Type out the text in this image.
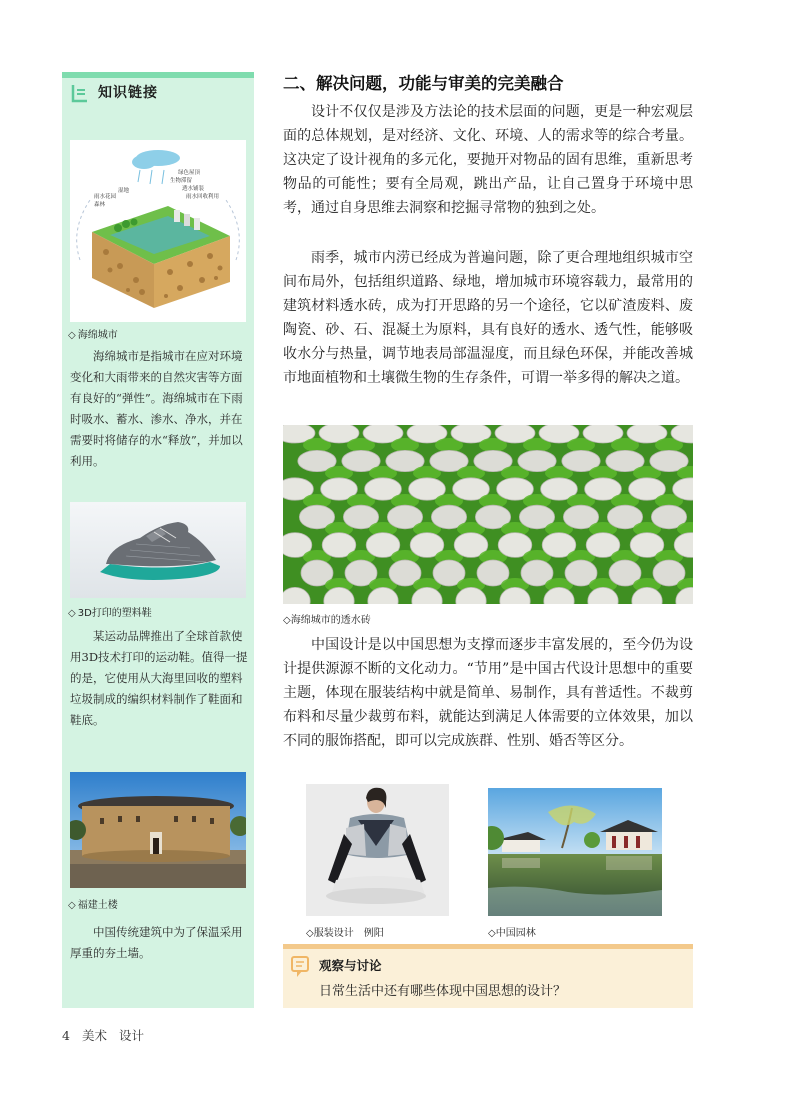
知识链接
生物滞留
绿色屋顶
雨水花园
透水铺装
森林
湿地
雨水回收利用
◇ 海绵城市

海绵城市是指城市在应对环境变化和大雨带来的自然灾害等方面有良好的“弹性”。海绵城市在下雨时吸水、蓄水、渗水、净水，并在需要时将储存的水“释放”，并加以利用。

◇ 3D打印的塑料鞋

某运动品牌推出了全球首款使用3D技术打印的运动鞋。值得一提的是，它使用从大海里回收的塑料垃圾制成的编织材料制作了鞋面和鞋底。

◇ 福建土楼

中国传统建筑中为了保温采用厚重的夯土墙。

二、解决问题，功能与审美的完美融合

设计不仅仅是涉及方法论的技术层面的问题，更是一种宏观层面的总体规划，是对经济、文化、环境、人的需求等的综合考量。这决定了设计视角的多元化，要抛开对物品的固有思维，重新思考物品的可能性；要有全局观，跳出产品，让自己置身于环境中思考，通过自身思维去洞察和挖掘寻常物的独到之处。

雨季，城市内涝已经成为普遍问题，除了更合理地组织城市空间布局外，包括组织道路、绿地，增加城市环境容载力，最常用的建筑材料透水砖，成为打开思路的另一个途径，它以矿渣废料、废陶瓷、砂、石、混凝土为原料，具有良好的透水、透气性，能够吸收水分与热量，调节地表局部温湿度，而且绿色环保，并能改善城市地面植物和土壤微生物的生存条件，可谓一举多得的解决之道。

◇海绵城市的透水砖

中国设计是以中国思想为支撑而逐步丰富发展的，至今仍为设计提供源源不断的文化动力。“节用”是中国古代设计思想中的重要主题，体现在服装结构中就是简单、易制作，具有普适性。不裁剪布料和尽量少裁剪布料，就能达到满足人体需要的立体效果，加以不同的服饰搭配，即可以完成族群、性别、婚否等区分。

◇服装设计　例阳	◇中国园林
观察与讨论
日常生活中还有哪些体现中国思想的设计？
4 美术 设计
